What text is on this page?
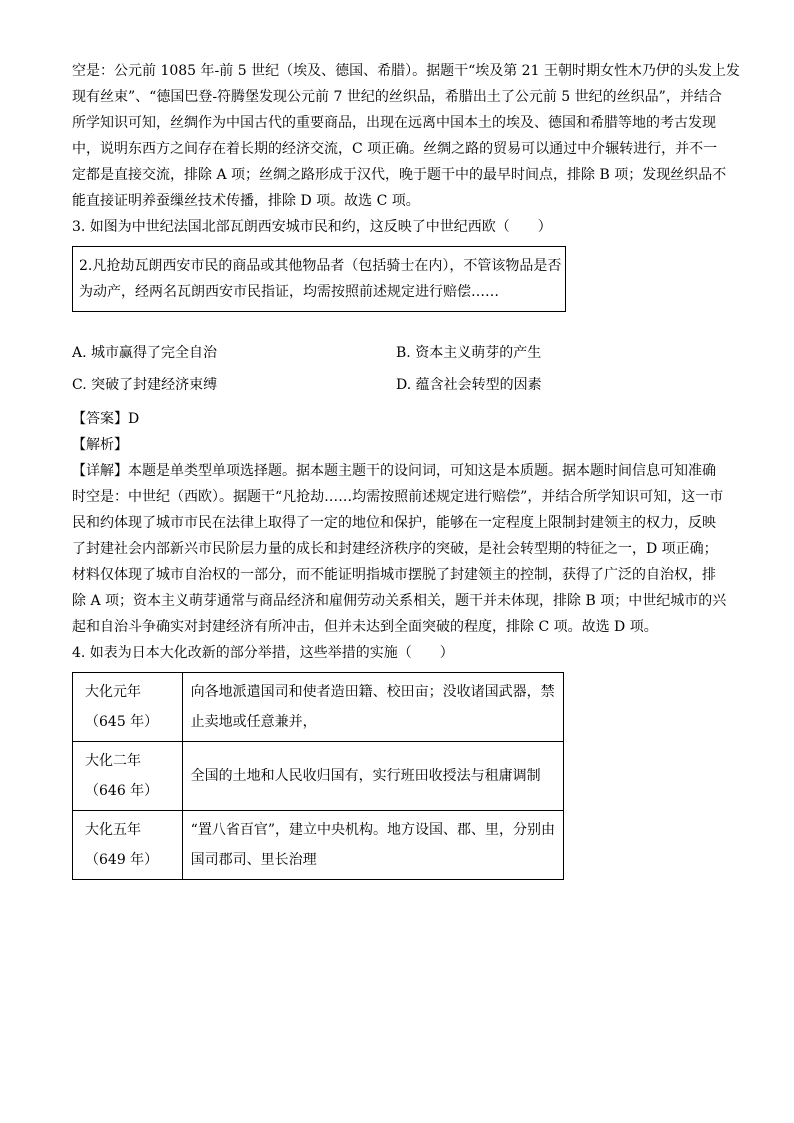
空是：公元前 1085 年-前 5 世纪（埃及、德国、希腊）。据题干“埃及第 21 王朝时期女性木乃伊的头发上发
现有丝束”、“德国巴登-符腾堡发现公元前 7 世纪的丝织品，希腊出土了公元前 5 世纪的丝织品”，并结合
所学知识可知，丝绸作为中国古代的重要商品，出现在远离中国本土的埃及、德国和希腊等地的考古发现
中，说明东西方之间存在着长期的经济交流，C 项正确。丝绸之路的贸易可以通过中介辗转进行，并不一
定都是直接交流，排除 A 项；丝绸之路形成于汉代，晚于题干中的最早时间点，排除 B 项；发现丝织品不
能直接证明养蚕缫丝技术传播，排除 D 项。故选 C 项。

3. 如图为中世纪法国北部瓦朗西安城市民和约，这反映了中世纪西欧（　　）

2.凡抢劫瓦朗西安市民的商品或其他物品者（包括骑士在内），不管该物品是否
为动产，经两名瓦朗西安市民指证，均需按照前述规定进行赔偿……
A. 城市赢得了完全自治	B. 资本主义萌芽的产生
C. 突破了封建经济束缚	D. 蕴含社会转型的因素
【答案】D
【解析】

【详解】本题是单类型单项选择题。据本题主题干的设问词，可知这是本质题。据本题时间信息可知准确
时空是：中世纪（西欧）。据题干“凡抢劫……均需按照前述规定进行赔偿”，并结合所学知识可知，这一市
民和约体现了城市市民在法律上取得了一定的地位和保护，能够在一定程度上限制封建领主的权力，反映
了封建社会内部新兴市民阶层力量的成长和封建经济秩序的突破，是社会转型期的特征之一，D 项正确；
材料仅体现了城市自治权的一部分，而不能证明指城市摆脱了封建领主的控制，获得了广泛的自治权，排
除 A 项；资本主义萌芽通常与商品经济和雇佣劳动关系相关，题干并未体现，排除 B 项；中世纪城市的兴
起和自治斗争确实对封建经济有所冲击，但并未达到全面突破的程度，排除 C 项。故选 D 项。

4. 如表为日本大化改新的部分举措，这些举措的实施（　　）

大化元年
（645 年）	向各地派遣国司和使者造田籍、校田亩；没收诸国武器，禁
止卖地或任意兼并，

大化二年
（646 年）	全国的土地和人民收归国有，实行班田收授法与租庸调制

大化五年
（649 年）	“置八省百官”，建立中央机构。地方设国、郡、里，分别由
国司郡司、里长治理
